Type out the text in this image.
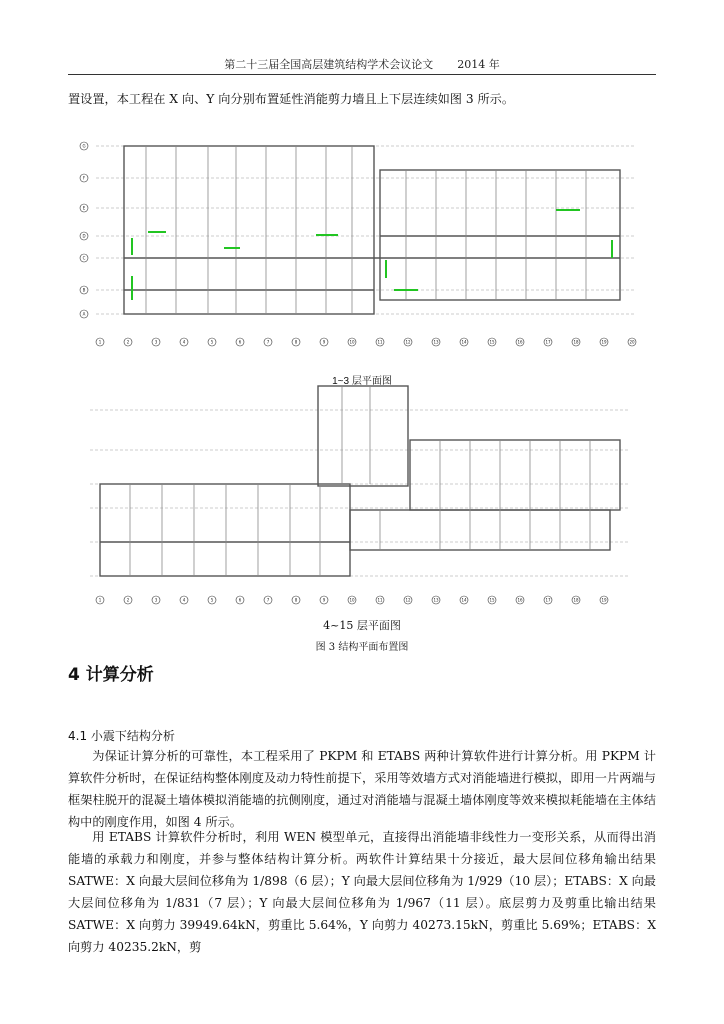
第二十三届全国高层建筑结构学术会议论文 2014 年
置设置，本工程在 X 向、Y 向分别布置延性消能剪力墙且上下层连续如图 3 所示。
1	2	3	4	5	6	7	8	9	10	11	12	13	14	15	16	17	18	19	20
G
F
E
D
C
B
A
1~3 层平面图
1	2	3	4	5	6	7	8	9	10	11	12	13	14	15	16	17	18	19
4~15 层平面图
图 3 结构平面布置图
4 计算分析
4.1 小震下结构分析
为保证计算分析的可靠性，本工程采用了 PKPM 和 ETABS 两种计算软件进行计算分析。用 PKPM 计算软件分析时，在保证结构整体刚度及动力特性前提下，采用等效墙方式对消能墙进行模拟，即用一片两端与框架柱脱开的混凝土墙体模拟消能墙的抗侧刚度，通过对消能墙与混凝土墙体刚度等效来模拟耗能墙在主体结构中的刚度作用，如图 4 所示。
用 ETABS 计算软件分析时，利用 WEN 模型单元，直接得出消能墙非线性力一变形关系，从而得出消能墙的承载力和刚度，并参与整体结构计算分析。两软件计算结果十分接近，最大层间位移角输出结果 SATWE：X 向最大层间位移角为 1/898（6 层）；Y 向最大层间位移角为 1/929（10 层）；ETABS：X 向最大层间位移角为 1/831（7 层）；Y 向最大层间位移角为 1/967（11 层）。底层剪力及剪重比输出结果 SATWE：X 向剪力 39949.64kN，剪重比 5.64%，Y 向剪力 40273.15kN，剪重比 5.69%；ETABS：X 向剪力 40235.2kN，剪
